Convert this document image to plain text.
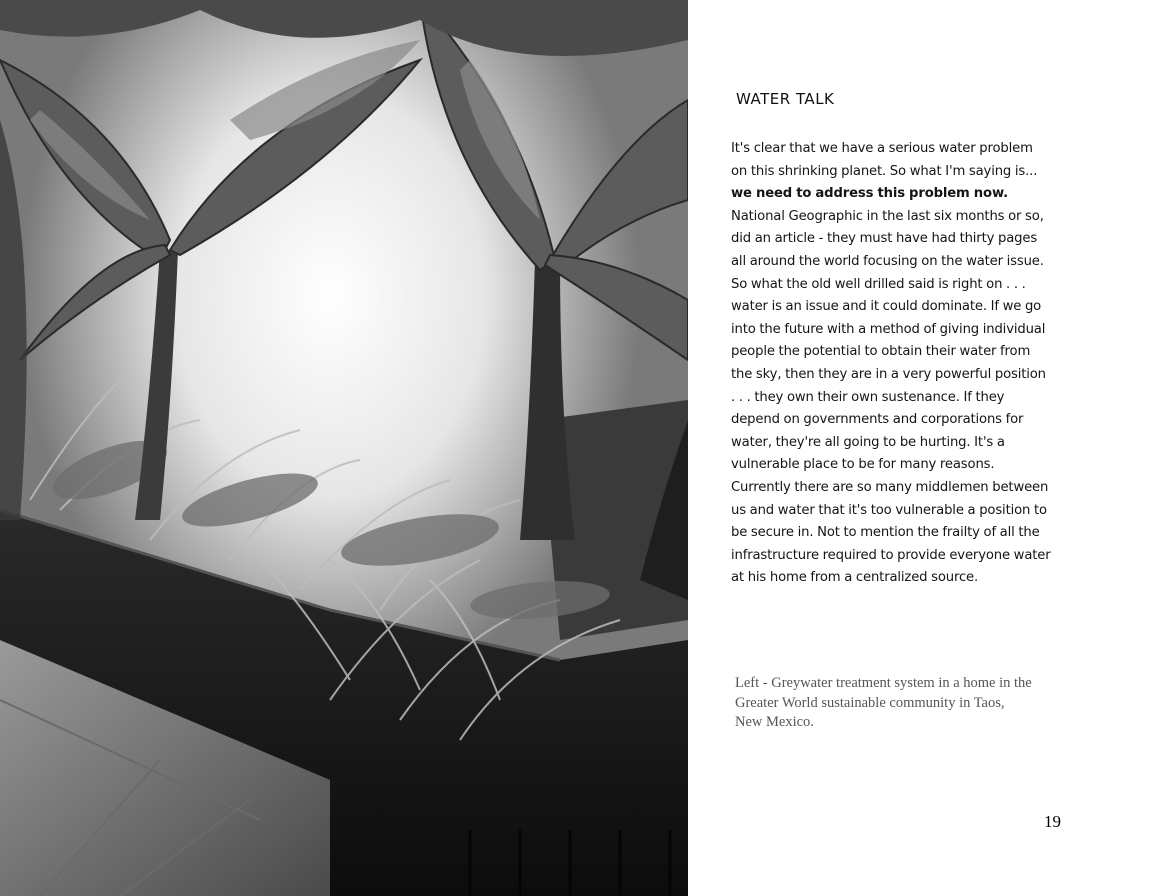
WATER TALK
It's clear that we have a serious water problem on this shrinking planet. So what I'm saying is... we need to address this problem now. National Geographic in the last six months or so, did an article - they must have had thirty pages all around the world focusing on the water issue. So what the old well drilled said is right on . . . water is an issue and it could dominate. If we go into the future with a method of giving individual people the potential to obtain their water from the sky, then they are in a very powerful position . . . they own their own sustenance. If they depend on governments and corporations for water, they're all going to be hurting. It's a vulnerable place to be for many reasons. Currently there are so many middlemen between us and water that it's too vulnerable a position to be secure in. Not to mention the frailty of all the infrastructure required to provide everyone water at his home from a centralized source.
Left - Greywater treatment system in a home in the Greater World sustainable community in Taos, New Mexico.
19
